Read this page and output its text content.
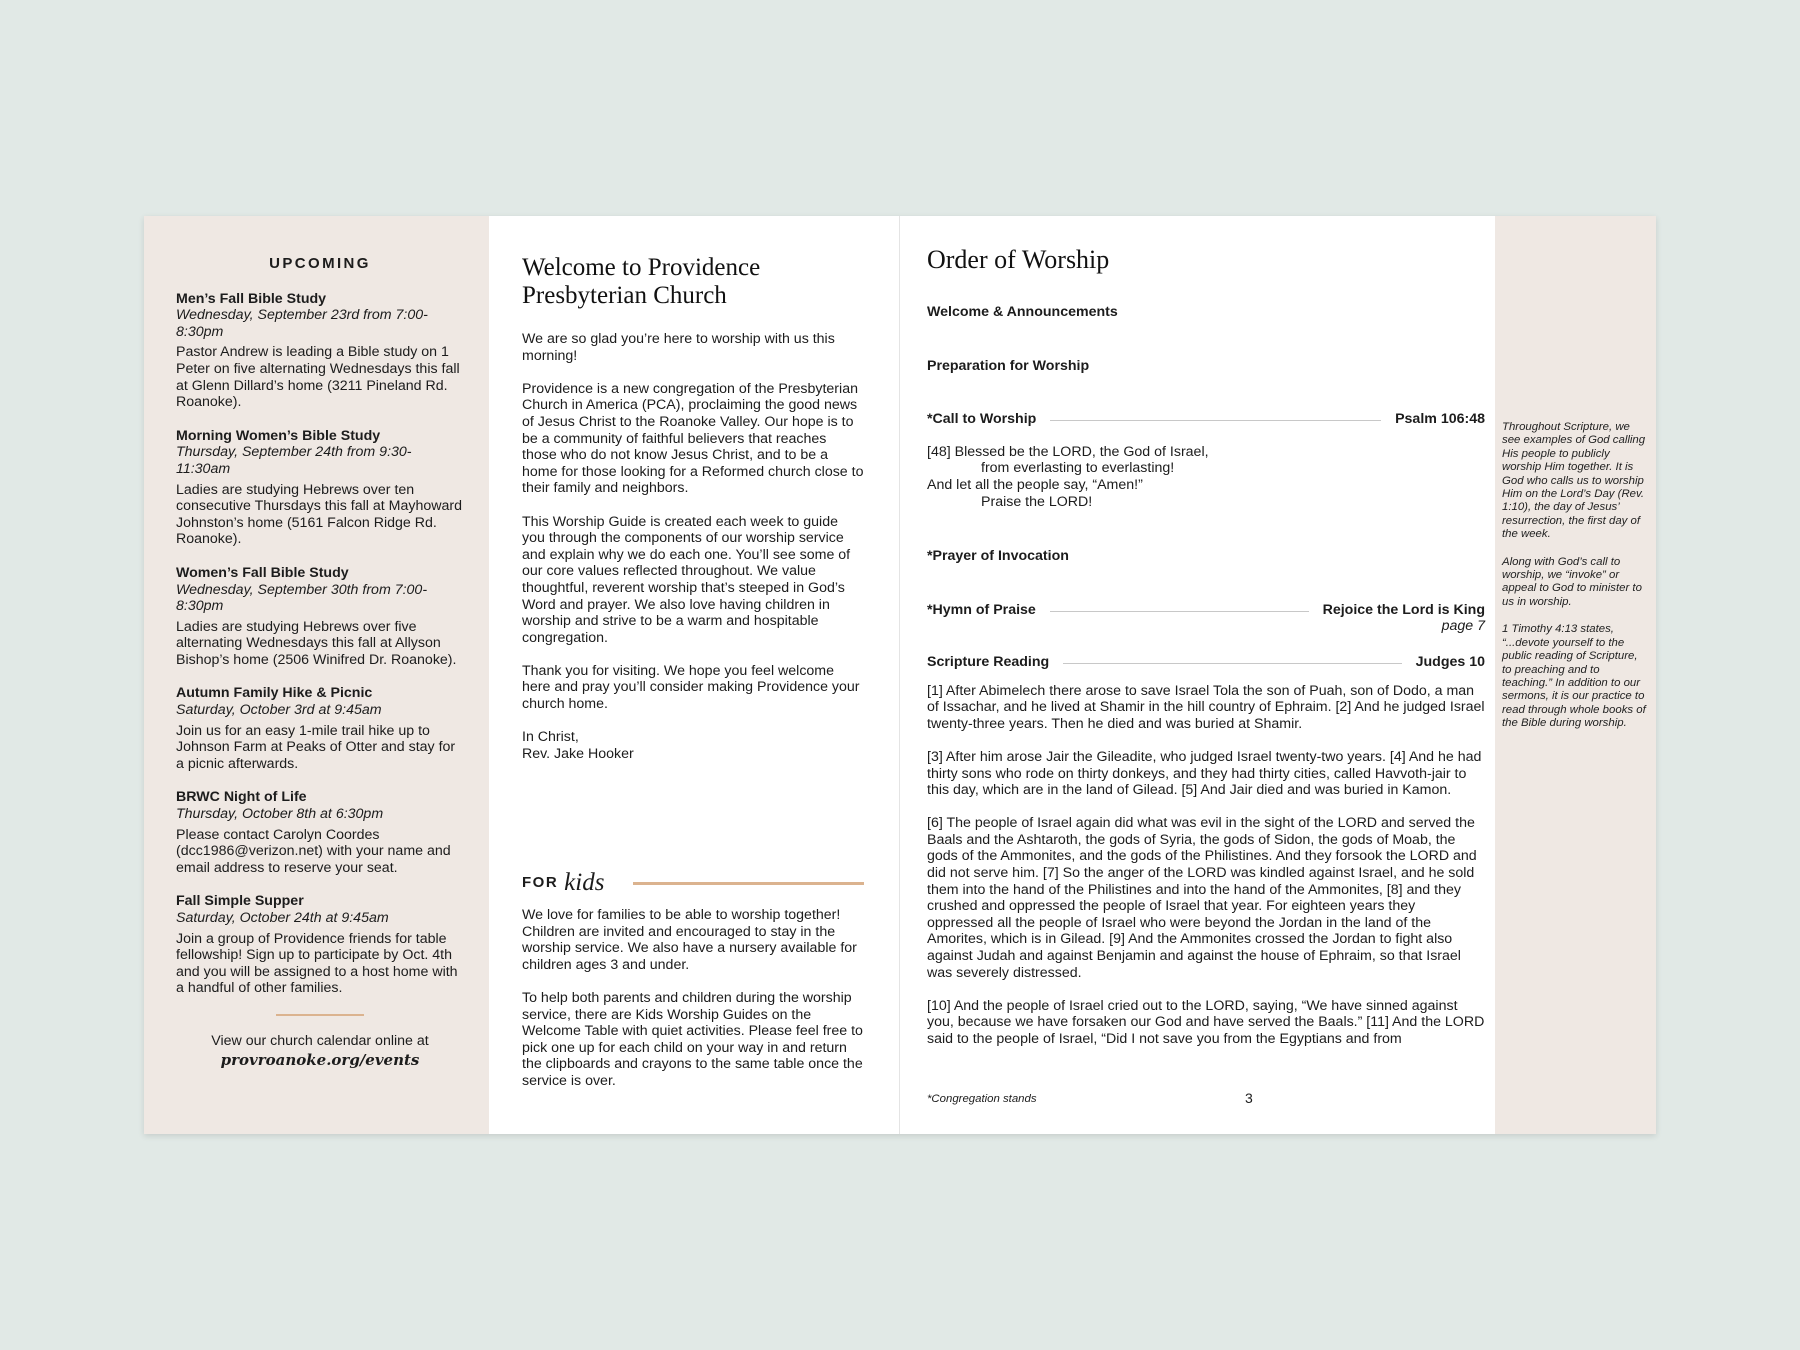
UPCOMING
Men’s Fall Bible Study
Wednesday, September 23rd from 7:00-8:30pm
Pastor Andrew is leading a Bible study on 1 Peter on five alternating Wednesdays this fall at Glenn Dillard’s home (3211 Pineland Rd. Roanoke).
Morning Women’s Bible Study
Thursday, September 24th from 9:30-11:30am
Ladies are studying Hebrews over ten consecutive Thursdays this fall at Mayhoward Johnston’s home (5161 Falcon Ridge Rd. Roanoke).
Women’s Fall Bible Study
Wednesday, September 30th from 7:00-8:30pm
Ladies are studying Hebrews over five alternating Wednesdays this fall at Allyson Bishop’s home (2506 Winifred Dr. Roanoke).
Autumn Family Hike & Picnic
Saturday, October 3rd at 9:45am
Join us for an easy 1-mile trail hike up to Johnson Farm at Peaks of Otter and stay for a picnic afterwards.
BRWC Night of Life
Thursday, October 8th at 6:30pm
Please contact Carolyn Coordes (dcc1986@verizon.net) with your name and email address to reserve your seat.
Fall Simple Supper
Saturday, October 24th at 9:45am
Join a group of Providence friends for table fellowship! Sign up to participate by Oct. 4th and you will be assigned to a host home with a handful of other families.
View our church calendar online at
provroanoke.org/events
Welcome to Providence Presbyterian Church

We are so glad you’re here to worship with us this morning!

Providence is a new congregation of the Presbyterian Church in America (PCA), proclaiming the good news of Jesus Christ to the Roanoke Valley. Our hope is to be a community of faithful believers that reaches those who do not know Jesus Christ, and to be a home for those looking for a Reformed church close to their family and neighbors.

This Worship Guide is created each week to guide you through the components of our worship service and explain why we do each one. You’ll see some of our core values reflected throughout. We value thoughtful, reverent worship that’s steeped in God’s Word and prayer. We also love having children in worship and strive to be a warm and hospitable congregation.

Thank you for visiting. We hope you feel welcome here and pray you’ll consider making Providence your church home.

In Christ,
Rev. Jake Hooker
FOR kids

We love for families to be able to worship together! Children are invited and encouraged to stay in the worship service. We also have a nursery available for children ages 3 and under.

To help both parents and children during the worship service, there are Kids Worship Guides on the Welcome Table with quiet activities. Please feel free to pick one up for each child on your way in and return the clipboards and crayons to the same table once the service is over.

Order of Worship
Welcome & Announcements
Preparation for Worship
*Call to Worship	Psalm 106:48
[48] Blessed be the LORD, the God of Israel,
from everlasting to everlasting!
And let all the people say, “Amen!”
Praise the LORD!
*Prayer of Invocation
*Hymn of Praise	Rejoice the Lord is King
page 7
Scripture Reading	Judges 10

[1] After Abimelech there arose to save Israel Tola the son of Puah, son of Dodo, a man of Issachar, and he lived at Shamir in the hill country of Ephraim. [2] And he judged Israel twenty-three years. Then he died and was buried at Shamir.

[3] After him arose Jair the Gileadite, who judged Israel twenty-two years. [4] And he had thirty sons who rode on thirty donkeys, and they had thirty cities, called Havvoth-jair to this day, which are in the land of Gilead. [5] And Jair died and was buried in Kamon.

[6] The people of Israel again did what was evil in the sight of the LORD and served the Baals and the Ashtaroth, the gods of Syria, the gods of Sidon, the gods of Moab, the gods of the Ammonites, and the gods of the Philistines. And they forsook the LORD and did not serve him. [7] So the anger of the LORD was kindled against Israel, and he sold them into the hand of the Philistines and into the hand of the Ammonites, [8] and they crushed and oppressed the people of Israel that year. For eighteen years they oppressed all the people of Israel who were beyond the Jordan in the land of the Amorites, which is in Gilead. [9] And the Ammonites crossed the Jordan to fight also against Judah and against Benjamin and against the house of Ephraim, so that Israel was severely distressed.

[10] And the people of Israel cried out to the LORD, saying, “We have sinned against you, because we have forsaken our God and have served the Baals.” [11] And the LORD said to the people of Israel, “Did I not save you from the Egyptians and from

*Congregation stands	3
Throughout Scripture, we see examples of God calling His people to publicly worship Him together. It is God who calls us to worship Him on the Lord’s Day (Rev. 1:10), the day of Jesus’ resurrection, the first day of the week.
Along with God’s call to worship, we “invoke” or appeal to God to minister to us in worship.
1 Timothy 4:13 states, “...devote yourself to the public reading of Scripture, to preaching and to teaching.” In addition to our sermons, it is our practice to read through whole books of the Bible during worship.
